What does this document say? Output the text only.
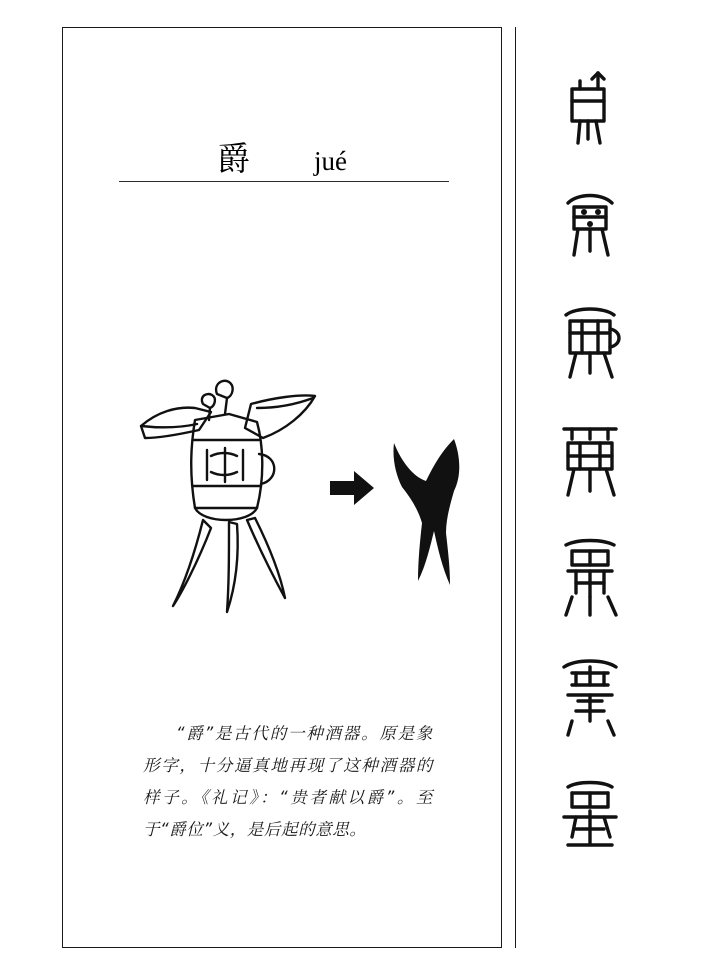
爵 jué
“爵”是古代的一种酒器。原是象形字，十分逼真地再现了这种酒器的样子。《礼记》：“贵者献以爵”。至于“爵位”义，是后起的意思。
